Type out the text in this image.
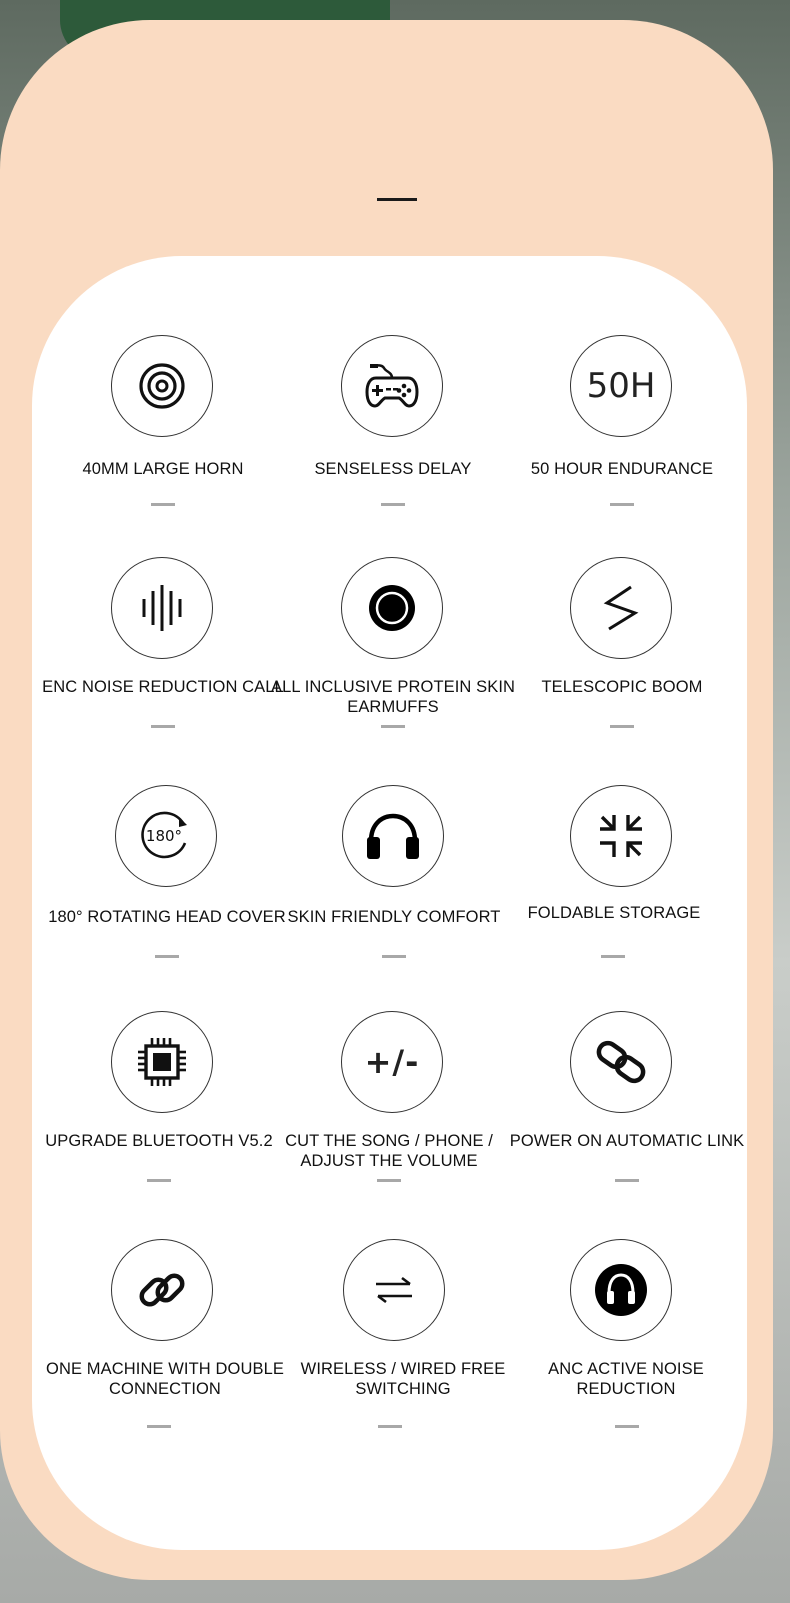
40MM LARGE HORN	SENSELESS DELAY
50H
50 HOUR ENDURANCE
ENC NOISE REDUCTION CALL
ALL INCLUSIVE PROTEIN SKIN EARMUFFS
TELESCOPIC BOOM
180°
180° ROTATING HEAD COVER SKIN FRIENDLY COMFORT	FOLDABLE STORAGE
UPGRADE BLUETOOTH V5.2
+/-
CUT THE SONG / PHONE / ADJUST THE VOLUME
POWER ON AUTOMATIC LINK
ONE MACHINE WITH DOUBLE CONNECTION
WIRELESS / WIRED FREE SWITCHING
ANC ACTIVE NOISE REDUCTION
